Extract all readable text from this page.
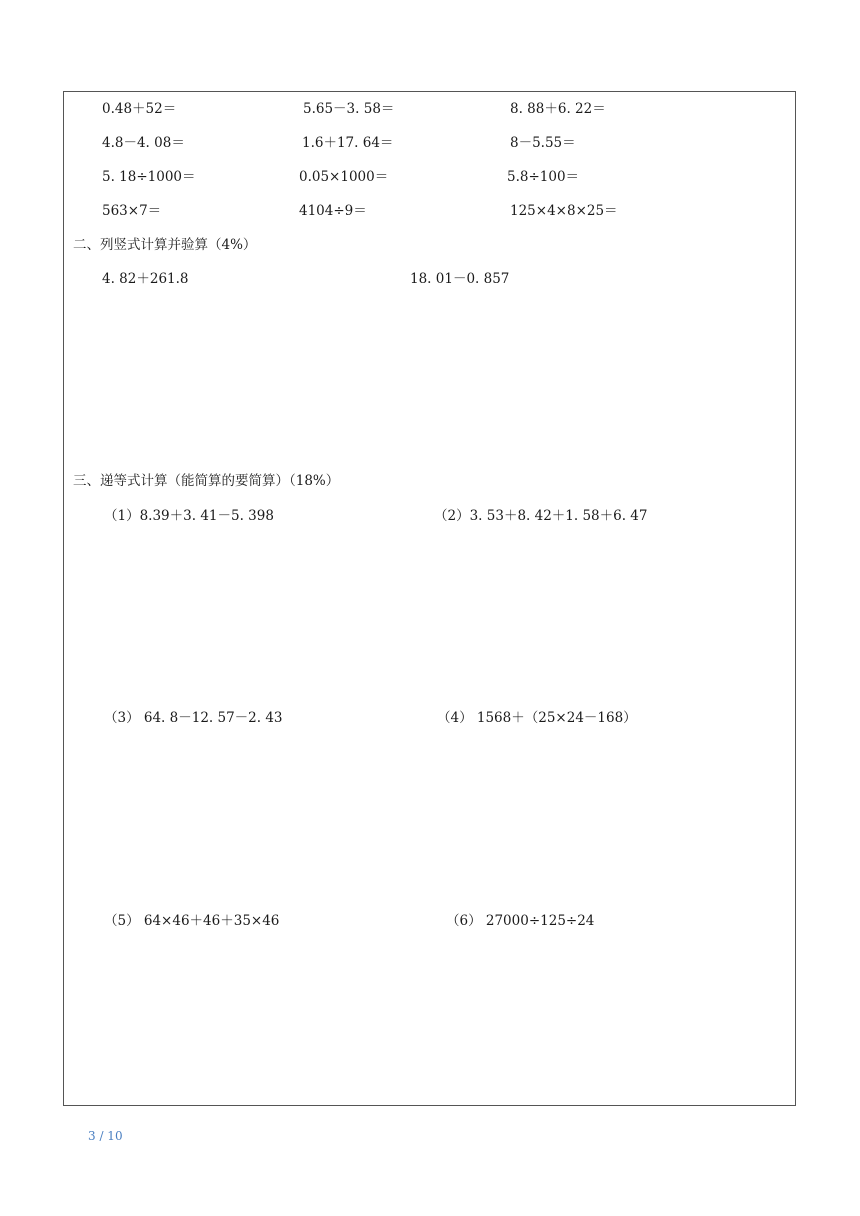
0.48＋52＝	5.65－3. 58＝	8. 88＋6. 22＝
4.8－4. 08＝	1.6＋17. 64＝	8－5.55＝
5. 18÷1000＝	0.05×1000＝	5.8÷100＝
563×7＝	4104÷9＝	125×4×8×25＝
二、列竖式计算并验算（4%）
4. 82＋261.8	18. 01－0. 857
三、递等式计算（能简算的要简算）（18%）
（1）8.39＋3. 41－5. 398	（2）3. 53＋8. 42＋1. 58＋6. 47
（3） 64. 8－12. 57－2. 43	（4） 1568＋（25×24－168）
（5） 64×46＋46＋35×46	（6） 27000÷125÷24
3 / 10
